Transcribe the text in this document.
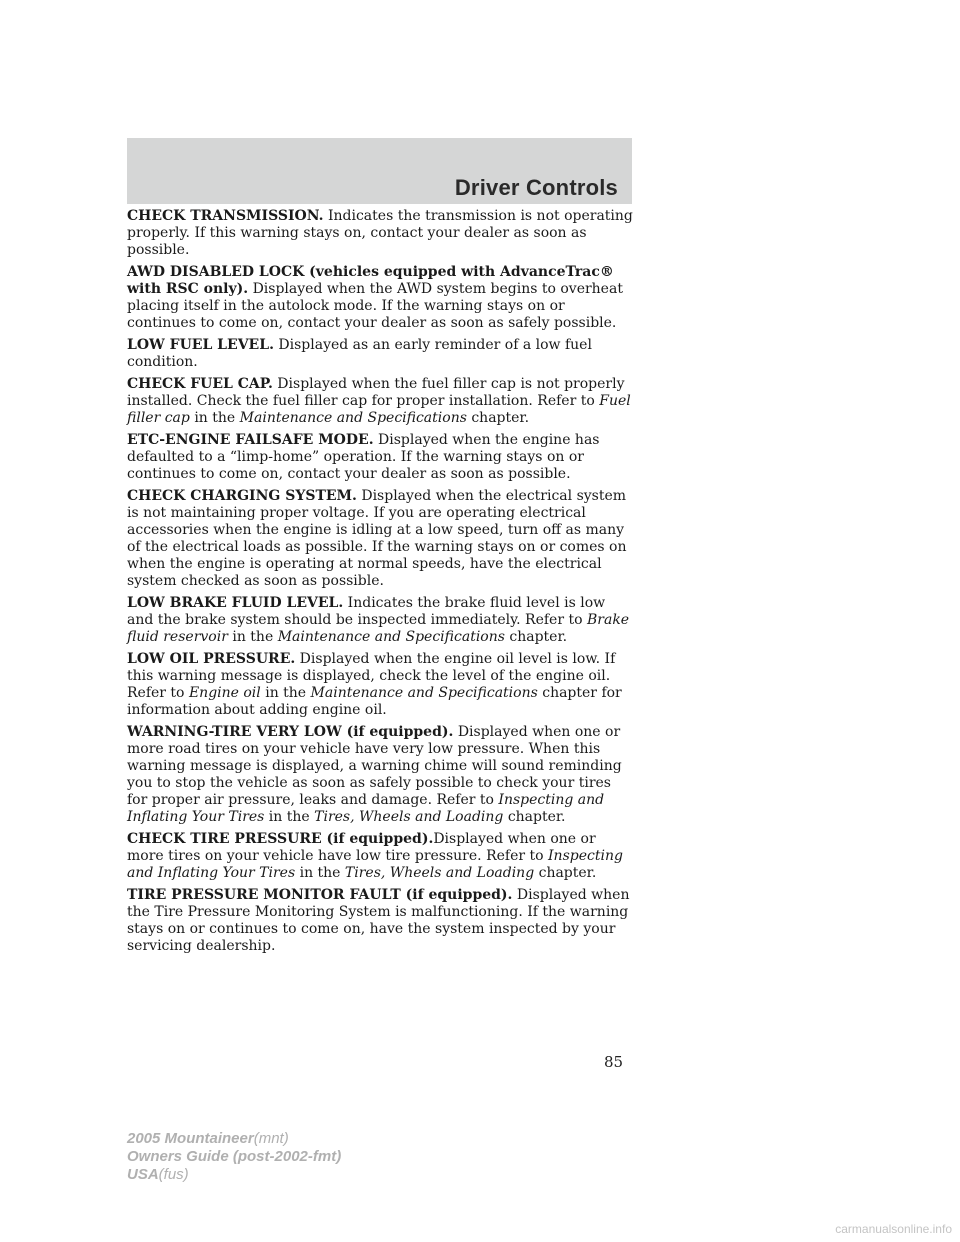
Driver Controls

CHECK TRANSMISSION. Indicates the transmission is not operating properly. If this warning stays on, contact your dealer as soon as possible.

AWD DISABLED LOCK (vehicles equipped with AdvanceTrac® with RSC only). Displayed when the AWD system begins to overheat placing itself in the autolock mode. If the warning stays on or continues to come on, contact your dealer as soon as safely possible.

LOW FUEL LEVEL. Displayed as an early reminder of a low fuel condition.

CHECK FUEL CAP. Displayed when the fuel filler cap is not properly installed. Check the fuel filler cap for proper installation. Refer to Fuel filler cap in the Maintenance and Specifications chapter.

ETC-ENGINE FAILSAFE MODE. Displayed when the engine has defaulted to a “limp-home” operation. If the warning stays on or continues to come on, contact your dealer as soon as possible.

CHECK CHARGING SYSTEM. Displayed when the electrical system is not maintaining proper voltage. If you are operating electrical accessories when the engine is idling at a low speed, turn off as many of the electrical loads as possible. If the warning stays on or comes on when the engine is operating at normal speeds, have the electrical system checked as soon as possible.

LOW BRAKE FLUID LEVEL. Indicates the brake fluid level is low and the brake system should be inspected immediately. Refer to Brake fluid reservoir in the Maintenance and Specifications chapter.

LOW OIL PRESSURE. Displayed when the engine oil level is low. If this warning message is displayed, check the level of the engine oil. Refer to Engine oil in the Maintenance and Specifications chapter for information about adding engine oil.

WARNING-TIRE VERY LOW (if equipped). Displayed when one or more road tires on your vehicle have very low pressure. When this warning message is displayed, a warning chime will sound reminding you to stop the vehicle as soon as safely possible to check your tires for proper air pressure, leaks and damage. Refer to Inspecting and Inflating Your Tires in the Tires, Wheels and Loading chapter.

CHECK TIRE PRESSURE (if equipped).Displayed when one or more tires on your vehicle have low tire pressure. Refer to Inspecting and Inflating Your Tires in the Tires, Wheels and Loading chapter.

TIRE PRESSURE MONITOR FAULT (if equipped). Displayed when the Tire Pressure Monitoring System is malfunctioning. If the warning stays on or continues to come on, have the system inspected by your servicing dealership.

85
2005 Mountaineer(mnt)
Owners Guide (post-2002-fmt)
USA(fus)
carmanualsonline.info
